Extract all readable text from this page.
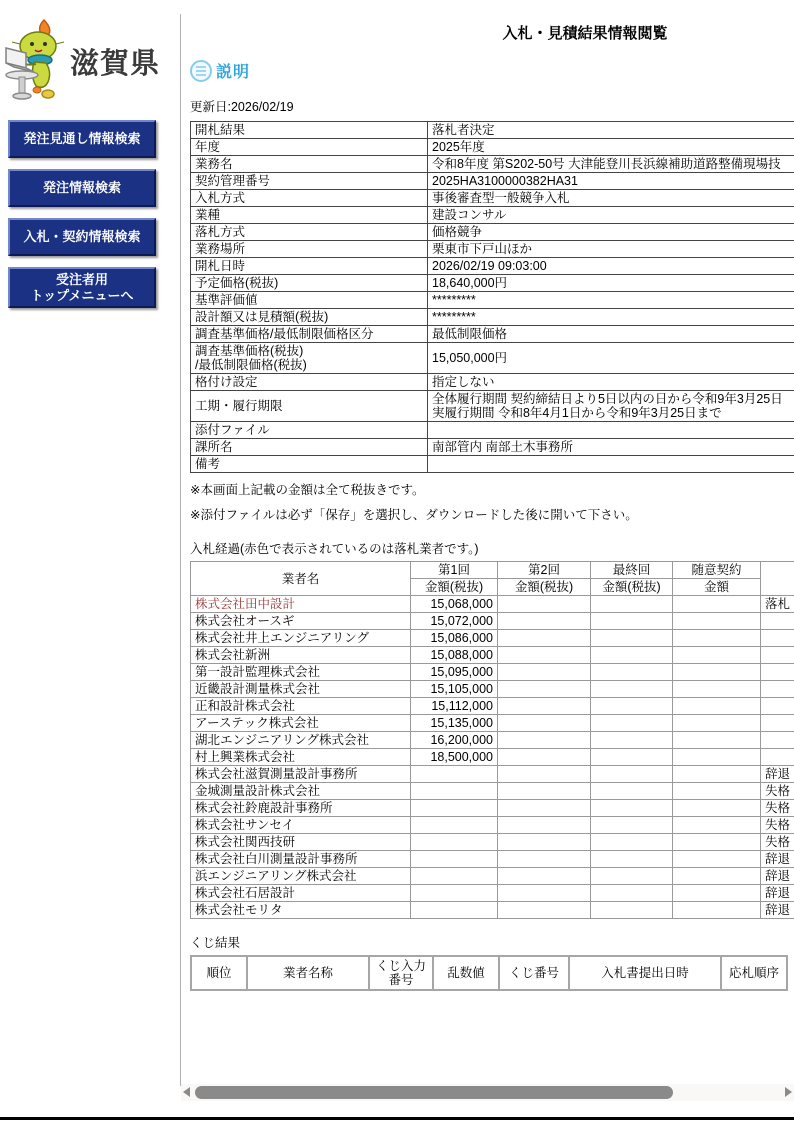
滋賀県
発注見通し情報検索
発注情報検索
入札・契約情報検索
受注者用
トップメニューへ
入札・見積結果情報閲覧
説明
更新日:2026/02/19
開札結果	落札者決定
年度	2025年度
業務名	令和8年度 第S202-50号 大津能登川長浜線補助道路整備現場技
契約管理番号	2025HA3100000382HA31
入札方式	事後審査型一般競争入札
業種	建設コンサル
落札方式	価格競争
業務場所	栗東市下戸山ほか
開札日時	2026/02/19 09:03:00
予定価格(税抜)	18,640,000円
基準評価値	*********
設計額又は見積額(税抜)	*********
調査基準価格/最低制限価格区分	最低制限価格
調査基準価格(税抜)
/最低制限価格(税抜)	15,050,000円
格付け設定	指定しない
工期・履行期限	全体履行期間 契約締結日より5日以内の日から令和9年3月25日
実履行期間 令和8年4月1日から令和9年3月25日まで
添付ファイル	
課所名	南部管内 南部土木事務所
備考	
※本画面上記載の金額は全て税抜きです。
※添付ファイルは必ず「保存」を選択し、ダウンロードした後に開いて下さい。
入札経過(赤色で表示されているのは落札業者です。)
業者名	第1回	第2回	最終回	随意契約	
	金額(税抜)	金額(税抜)	金額(税抜)	金額	
株式会社田中設計	15,068,000				落札
株式会社オースギ	15,072,000				
株式会社井上エンジニアリング	15,086,000				
株式会社新洲	15,088,000				
第一設計監理株式会社	15,095,000				
近畿設計測量株式会社	15,105,000				
正和設計株式会社	15,112,000				
アーステック株式会社	15,135,000				
湖北エンジニアリング株式会社	16,200,000				
村上興業株式会社	18,500,000				
株式会社滋賀測量設計事務所					辞退
金城測量設計株式会社					失格
株式会社鈴鹿設計事務所					失格
株式会社サンセイ					失格
株式会社関西技研					失格
株式会社白川測量設計事務所					辞退
浜エンジニアリング株式会社					辞退
株式会社石居設計					辞退
株式会社モリタ					辞退
くじ結果
順位	業者名称	くじ入力番号	乱数値	くじ番号	入札書提出日時	応札順序
